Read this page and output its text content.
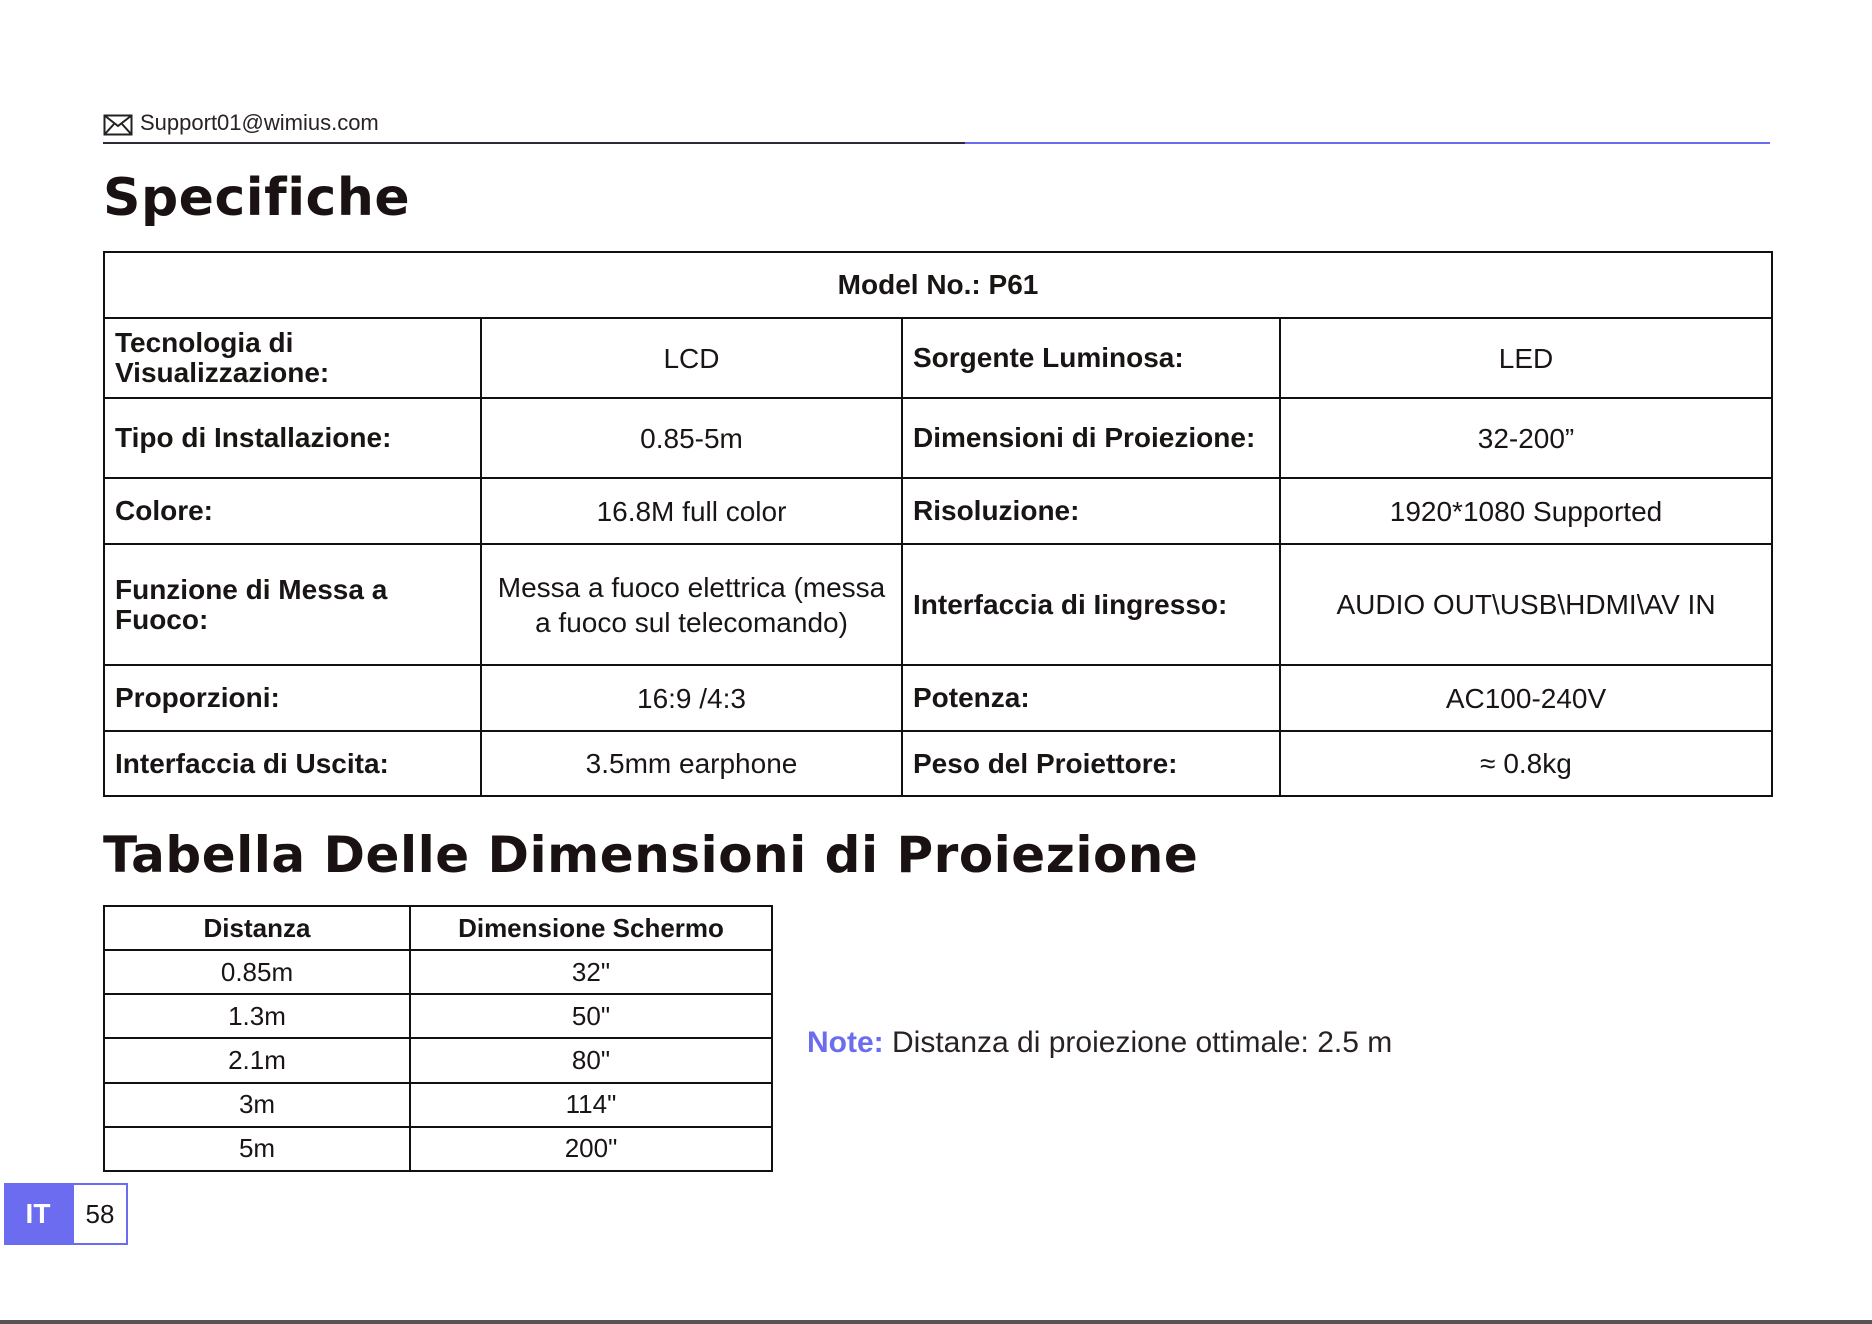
Support01@wimius.com
Specifiche
Model No.: P61			
Tecnologia di Visualizzazione:	LCD	Sorgente Luminosa:	LED
Tipo di Installazione:	0.85-5m	Dimensioni di Proiezione:	32-200”
Colore:	16.8M full color	Risoluzione:	1920*1080 Supported
Funzione di Messa a Fuoco:	Messa a fuoco elettrica (messa a fuoco sul telecomando)	Interfaccia di Iingresso:	AUDIO OUT\USB\HDMI\AV IN
Proporzioni:	16:9 /4:3	Potenza:	AC100-240V
Interfaccia di Uscita:	3.5mm earphone	Peso del Proiettore:	≈ 0.8kg
Tabella Delle Dimensioni di Proiezione
Distanza	Dimensione Schermo
0.85m	32"
1.3m	50"
2.1m	80"
3m	114"
5m	200"
Note: Distanza di proiezione ottimale: 2.5 m
IT	58
